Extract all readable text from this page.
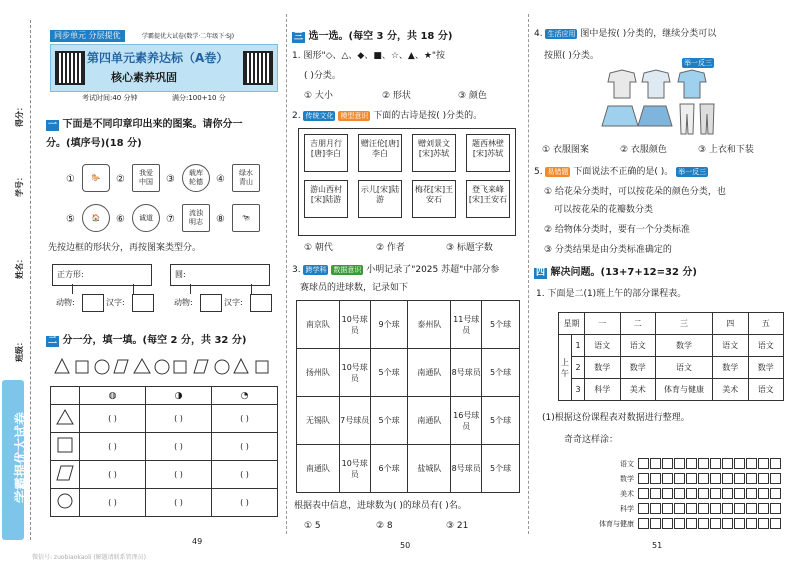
得分：
学号：
姓名：
班级：
学霸提优大试卷
同步单元 分层提优	学霸提优大试卷(数学·二年级下·SJ)
第四单元素养达标（A卷）
核心素养巩固
考试时间:40 分钟	满分:100+10 分
一 下面是不同印章印出来的图案。请你分一
分。(填序号)(18 分)
① 🐎 ②
我爱中国 ③
载库轮德 ④
绿水青山
⑤ 🏠 ⑥ 诚道 ⑦
流浊明志 ⑧ 🐄
先按边框的形状分，再按图案类型分。
正方形:	圆:
动物:	汉字:	动物:	汉字:
二 分一分，填一填。(每空 2 分，共 32 分)
	◍	◑	◔
	( )	( )	( )
	( )	( )	( )
	( )	( )	( )
	( )	( )	( )
49
微信号: zuobiaokaoli (解题请联系管理员)
三 选一选。(每空 3 分，共 18 分)
1. 图形"◇、△、◆、■、☆、▲、★"按
( )分类。
① 大小	② 形状	③ 颜色
2. 传统文化 模型意识 下面的古诗是按( )分类的。
吉朋月行[唐]李白
赠汪伦[唐]李白
赠刘景文[宋]苏轼
题西林壁[宋]苏轼
游山西村[宋]陆游
示儿[宋]陆游
梅花[宋]王安石
登飞来峰[宋]王安石
① 朝代	② 作者	③ 标题字数
3. 跨学科 数据意识 小明记录了"2025 苏超"中部分参
赛球员的进球数，记录如下
南京队	10号球员	9个球	泰州队	11号球员	5个球
扬州队	10号球员	5个球	南通队	8号球员	5个球
无锡队	7号球员	5个球	南通队	16号球员	5个球
南通队	10号球员	6个球	盐城队	8号球员	5个球
根据表中信息，进球数为( )的球员有( )名。
① 5	② 8	③ 21
50
4. 生活应用 图中是按( )分类的，继续分类可以
按照( )分类。
举一反三
① 衣服图案	② 衣服颜色	③ 上衣和下装
5. 易错题 下面说法不正确的是( )。 举一反三
① 给花朵分类时，可以按花朵的颜色分类，也
可以按花朵的花瓣数分类
② 给物体分类时，要有一个分类标准
③ 分类结果是由分类标准确定的
四 解决问题。(13+7+12=32 分)
1. 下面是二(1)班上午的部分课程表。
星期		一	二	三	四	五
上午	1	语文	语文	数学	语文	语文
	2	数学	数学	语文	数学	数学
	3	科学	美术	体育与健康	美术	语文
(1)根据这份课程表对数据进行整理。
奇奇这样涂：
语文
数学
美术
科学
体育与健康
51
